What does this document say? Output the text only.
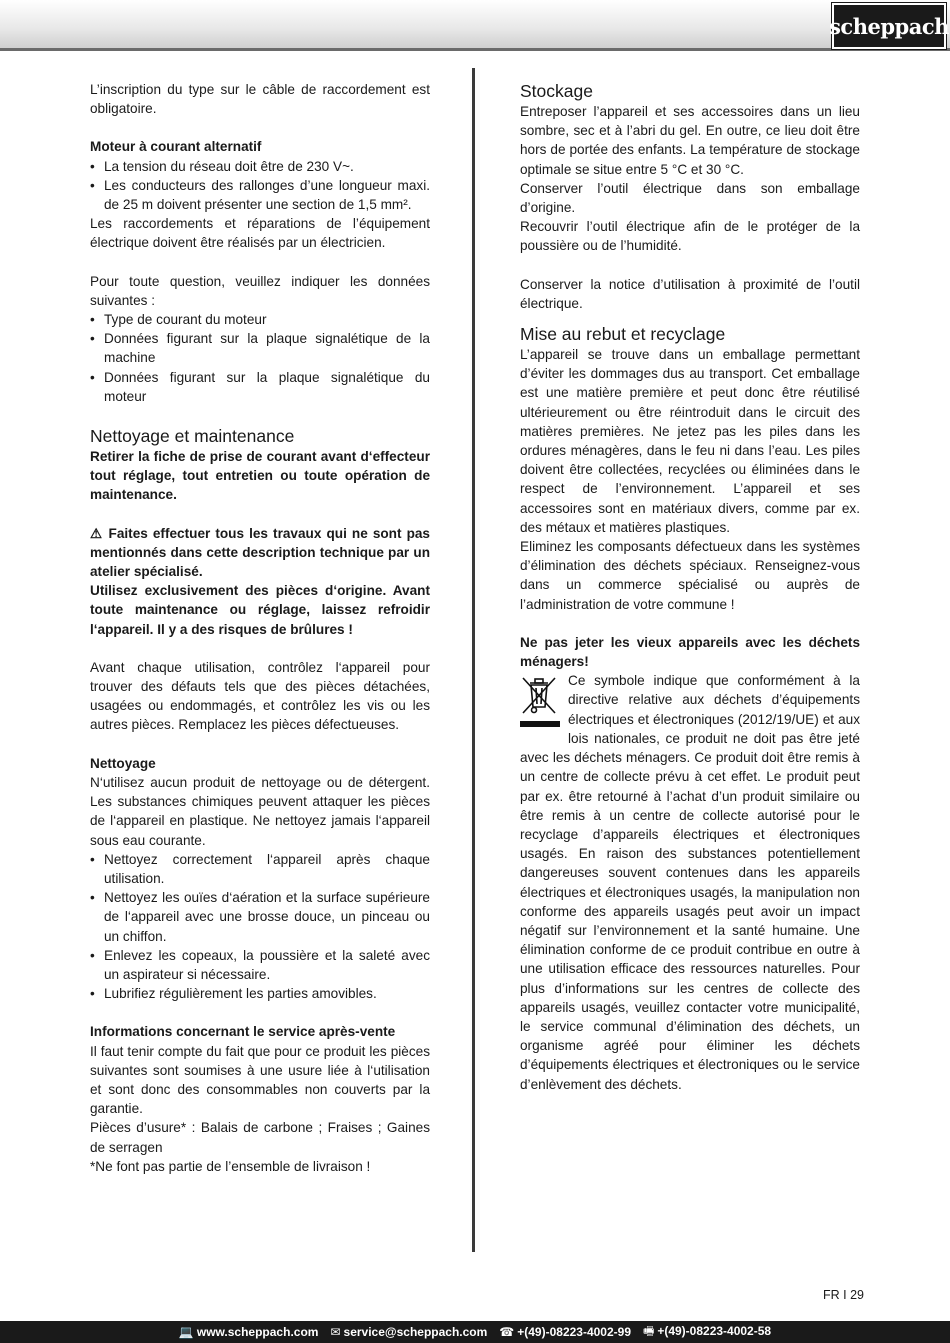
scheppach

L’inscription du type sur le câble de raccordement est obligatoire.

Moteur à courant alternatif

• La tension du réseau doit être de 230 V~.
• Les conducteurs des rallonges d’une longueur maxi. de 25 m doivent présenter une section de 1,5 mm².

Les raccordements et réparations de l’équipement électrique doivent être réalisés par un électricien.

Pour toute question, veuillez indiquer les données suivantes :

• Type de courant du moteur
• Données figurant sur la plaque signalétique de la machine
• Données figurant sur la plaque signalétique du moteur
Nettoyage et maintenance

Retirer la fiche de prise de courant avant d‘effecteur tout réglage, tout entretien ou toute opération de maintenance.

⚠ Faites effectuer tous les travaux qui ne sont pas mentionnés dans cette description technique par un atelier spécialisé.

Utilisez exclusivement des pièces d‘origine. Avant toute maintenance ou réglage, laissez refroidir l‘appareil. Il y a des risques de brûlures !

Avant chaque utilisation, contrôlez l‘appareil pour trouver des défauts tels que des pièces détachées, usagées ou endommagés, et contrôlez les vis ou les autres pièces. Remplacez les pièces défectueuses.

Nettoyage

N‘utilisez aucun produit de nettoyage ou de détergent. Les substances chimiques peuvent attaquer les pièces de l‘appareil en plastique. Ne nettoyez jamais l‘appareil sous eau courante.

• Nettoyez correctement l‘appareil après chaque utilisation.
• Nettoyez les ouïes d‘aération et la surface supérieure de l‘appareil avec une brosse douce, un pinceau ou un chiffon.
• Enlevez les copeaux, la poussière et la saleté avec un aspirateur si nécessaire.
• Lubrifiez régulièrement les parties amovibles.

Informations concernant le service après-vente

Il faut tenir compte du fait que pour ce produit les pièces suivantes sont soumises à une usure liée à l‘utilisation et sont donc des consommables non couverts par la garantie.

Pièces d’usure* : Balais de carbone ; Fraises ; Gaines de serragen

*Ne font pas partie de l’ensemble de livraison !

Stockage

Entreposer l’appareil et ses accessoires dans un lieu sombre, sec et à l’abri du gel. En outre, ce lieu doit être hors de portée des enfants. La température de stockage optimale se situe entre 5 °C et 30 °C.

Conserver l’outil électrique dans son emballage d’origine.

Recouvrir l’outil électrique afin de le protéger de la poussière ou de l’humidité.

Conserver la notice d’utilisation à proximité de l’outil électrique.

Mise au rebut et recyclage

L’appareil se trouve dans un emballage permettant d’éviter les dommages dus au transport. Cet emballage est une matière première et peut donc être réutilisé ultérieurement ou être réintroduit dans le circuit des matières premières. Ne jetez pas les piles dans les ordures ménagères, dans le feu ni dans l’eau. Les piles doivent être collectées, recyclées ou éliminées dans le respect de l’environnement. L’appareil et ses accessoires sont en matériaux divers, comme par ex. des métaux et matières plastiques.

Eliminez les composants défectueux dans les systèmes d’élimination des déchets spéciaux. Renseignez-vous dans un commerce spécialisé ou auprès de l’administration de votre commune !

Ne pas jeter les vieux appareils avec les déchets ménagers!

Ce symbole indique que conformément à la directive relative aux déchets d’équipements électriques et électroniques (2012/19/UE) et aux lois nationales, ce produit ne doit pas être jeté avec les déchets ménagers. Ce produit doit être remis à un centre de collecte prévu à cet effet. Le produit peut par ex. être retourné à l’achat d’un produit similaire ou être remis à un centre de collecte autorisé pour le recyclage d’appareils électriques et électroniques usagés. En raison des substances potentiellement dangereuses souvent contenues dans les appareils électriques et électroniques usagés, la manipulation non conforme des appareils usagés peut avoir un impact négatif sur l’environnement et la santé humaine. Une élimination conforme de ce produit contribue en outre à une utilisation efficace des ressources naturelles. Pour plus d’informations sur les centres de collecte des appareils usagés, veuillez contacter votre municipalité, le service communal d’élimination des déchets, un organisme agréé pour éliminer les déchets d’équipements électriques et électroniques ou le service d’enlèvement des déchets.

FR I 29
💻 www.scheppach.com ✉ service@scheppach.com ☎ +(49)-08223-4002-99 🖷 +(49)-08223-4002-58
